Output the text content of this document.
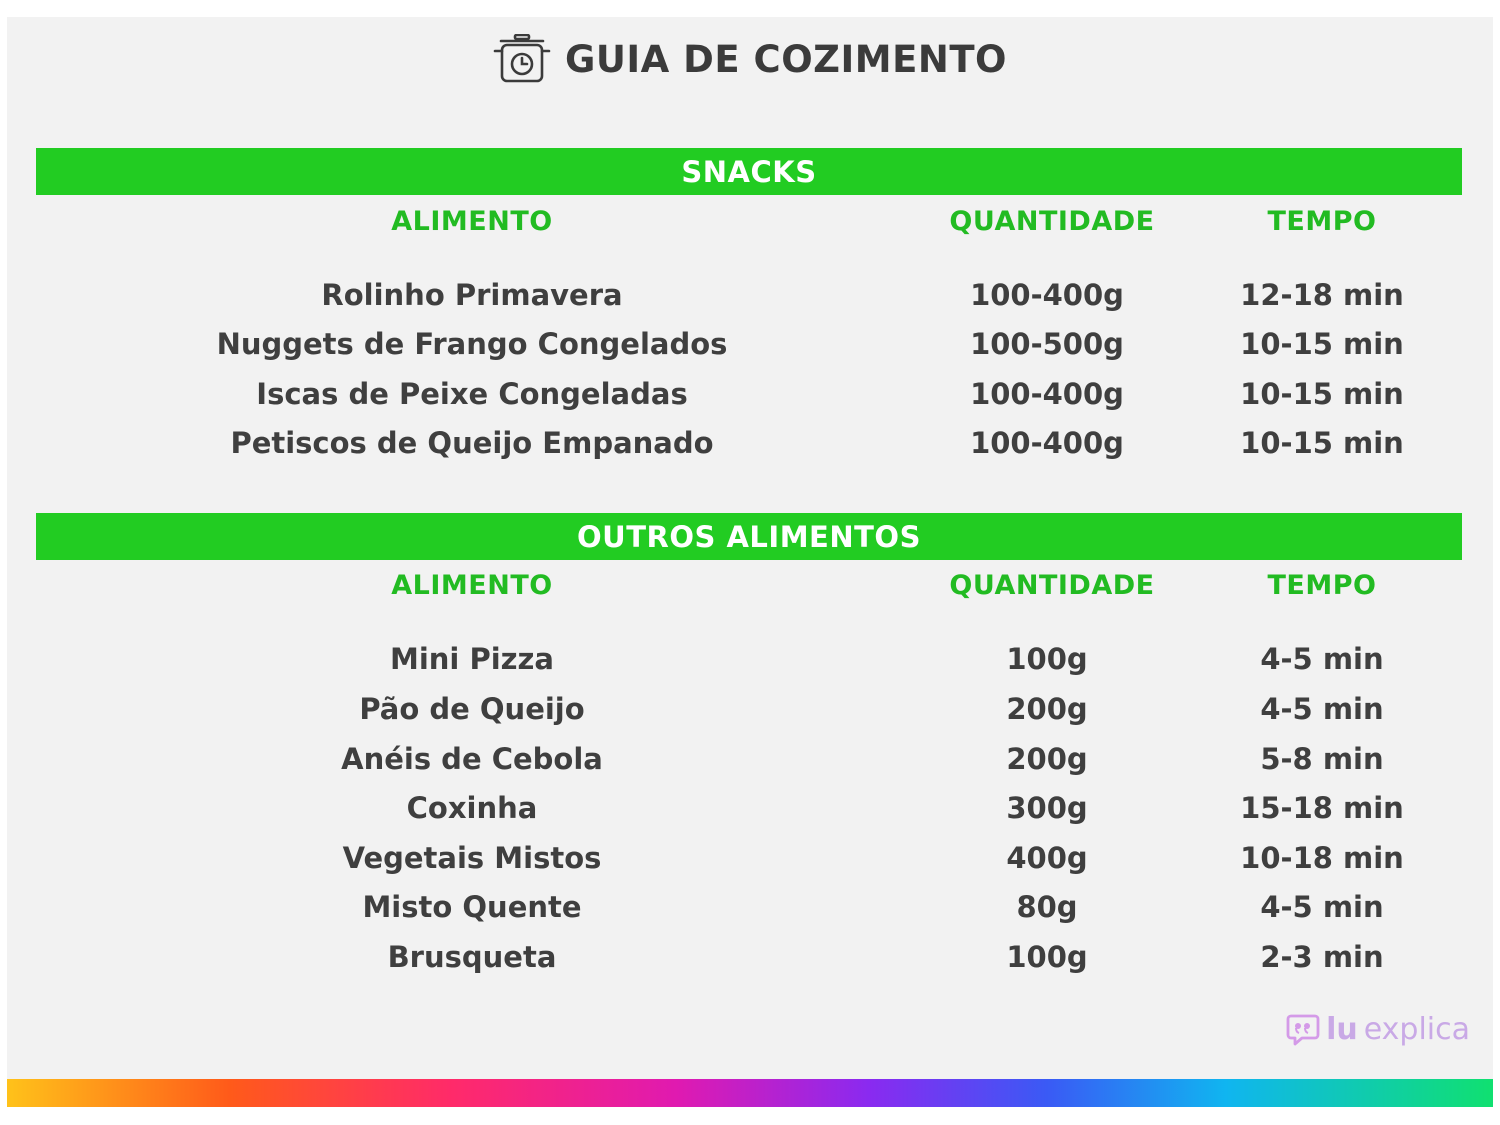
GUIA DE COZIMENTO
SNACKS
ALIMENTO	QUANTIDADE	TEMPO
Rolinho Primavera	100-400g	12-18 min
Nuggets de Frango Congelados	100-500g	10-15 min
Iscas de Peixe Congeladas	100-400g	10-15 min
Petiscos de Queijo Empanado	100-400g	10-15 min
OUTROS ALIMENTOS
ALIMENTO	QUANTIDADE	TEMPO
Mini Pizza	100g	4-5 min
Pão de Queijo	200g	4-5 min
Anéis de Cebola	200g	5-8 min
Coxinha	300g	15-18 min
Vegetais Mistos	400g	10-18 min
Misto Quente	80g	4-5 min
Brusqueta	100g	2-3 min
lu explica
